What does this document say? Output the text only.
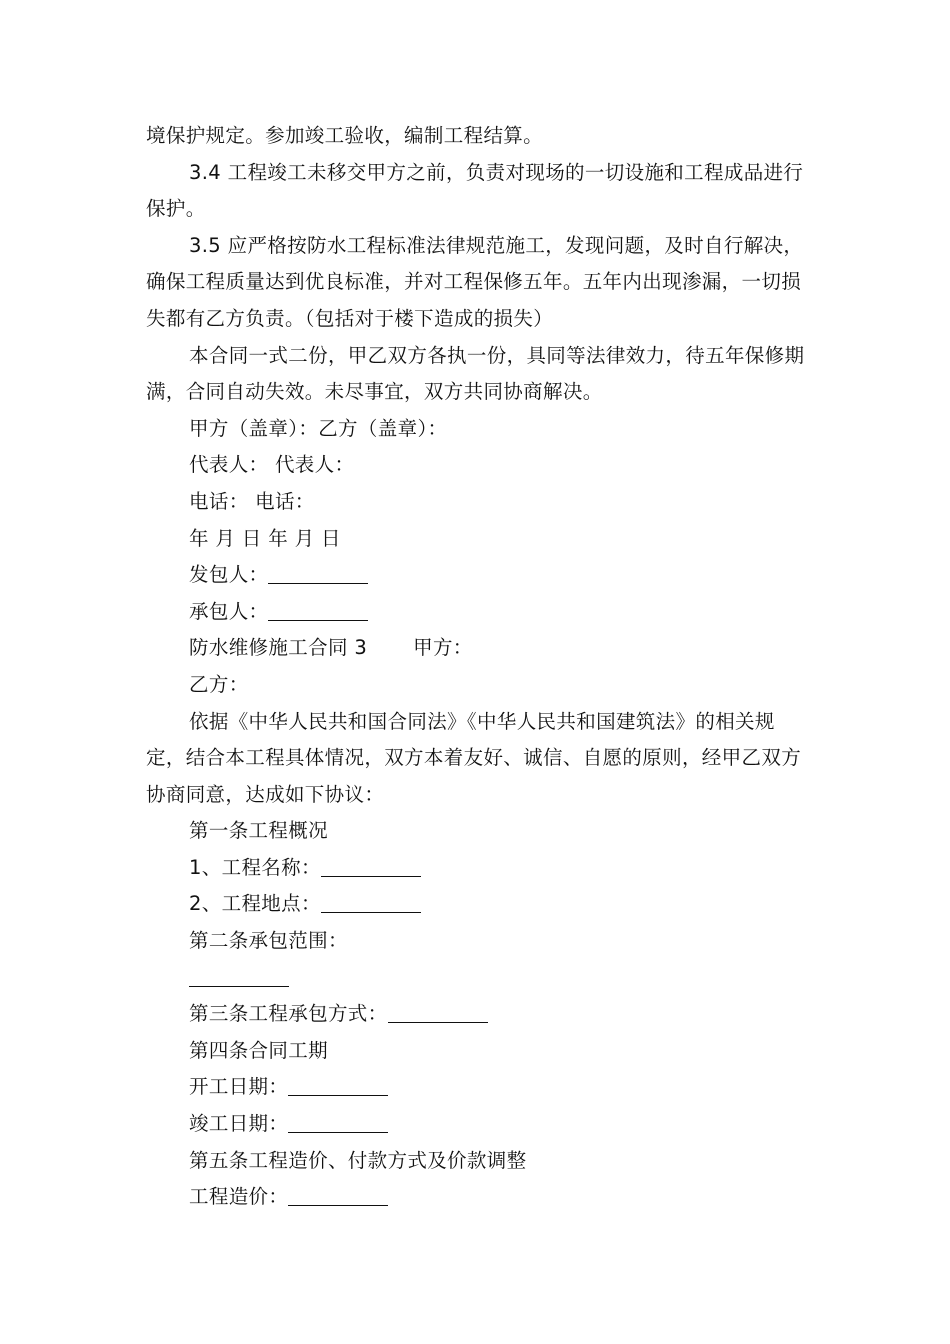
境保护规定。参加竣工验收，编制工程结算。

3.4 工程竣工未移交甲方之前，负责对现场的一切设施和工程成品进行保护。

3.5 应严格按防水工程标准法律规范施工，发现问题，及时自行解决，确保工程质量达到优良标准，并对工程保修五年。五年内出现渗漏，一切损失都有乙方负责。（包括对于楼下造成的损失）

本合同一式二份，甲乙双方各执一份，具同等法律效力，待五年保修期满，合同自动失效。未尽事宜，双方共同协商解决。

甲方（盖章）：乙方（盖章）：

代表人： 代表人：

电话： 电话：

年 月 日 年 月 日

发包人：

承包人：

防水维修施工合同 3 甲方：

乙方：

依据《中华人民共和国合同法》《中华人民共和国建筑法》的相关规定，结合本工程具体情况，双方本着友好、诚信、自愿的原则，经甲乙双方协商同意，达成如下协议：

第一条工程概况

1、工程名称：

2、工程地点：

第二条承包范围：

第三条工程承包方式：

第四条合同工期

开工日期：

竣工日期：

第五条工程造价、付款方式及价款调整

工程造价：
